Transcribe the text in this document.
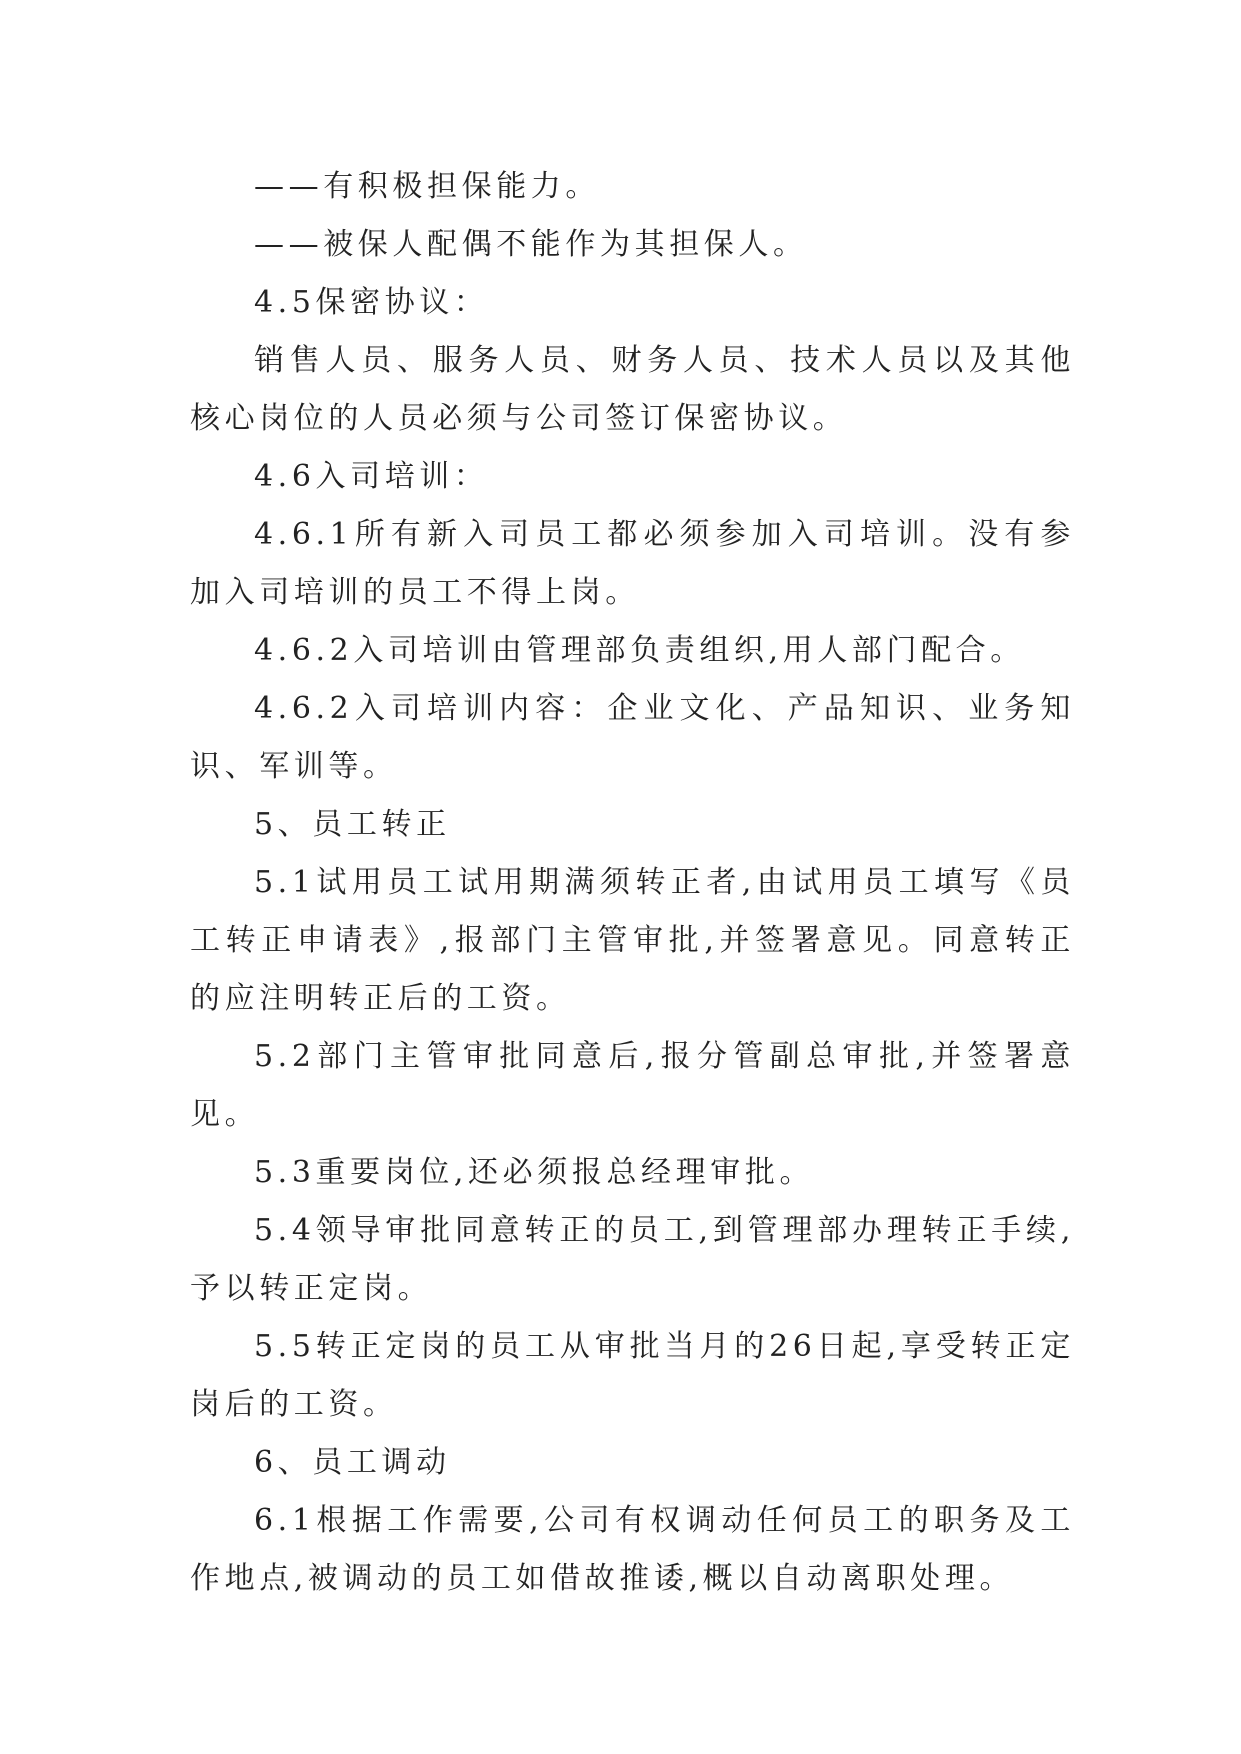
——有积极担保能力。

——被保人配偶不能作为其担保人。

4.5保密协议：

销售人员、服务人员、财务人员、技术人员以及其他核心岗位的人员必须与公司签订保密协议。

4.6入司培训：

4.6.1所有新入司员工都必须参加入司培训。没有参加入司培训的员工不得上岗。

4.6.2入司培训由管理部负责组织,用人部门配合。

4.6.2入司培训内容：企业文化、产品知识、业务知识、军训等。

5、员工转正

5.1试用员工试用期满须转正者,由试用员工填写《员工转正申请表》,报部门主管审批,并签署意见。同意转正的应注明转正后的工资。

5.2部门主管审批同意后,报分管副总审批,并签署意见。

5.3重要岗位,还必须报总经理审批。

5.4领导审批同意转正的员工,到管理部办理转正手续,予以转正定岗。

5.5转正定岗的员工从审批当月的26日起,享受转正定岗后的工资。

6、员工调动

6.1根据工作需要,公司有权调动任何员工的职务及工作地点,被调动的员工如借故推诿,概以自动离职处理。
